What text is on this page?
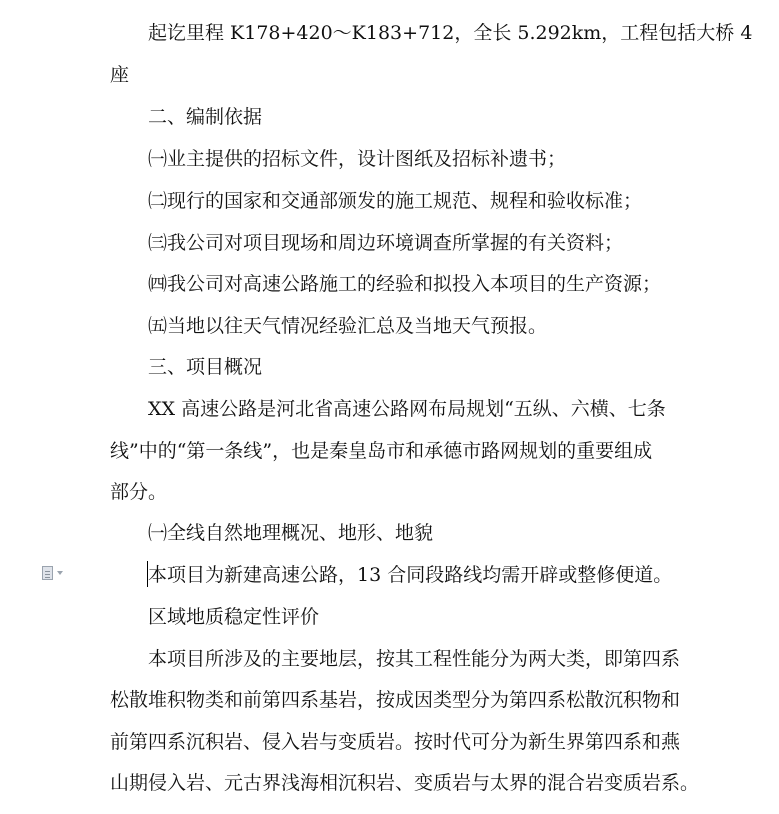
起讫里程 K178+420～K183+712，全长 5.292km，工程包括大桥 4
座
二、编制依据
㈠业主提供的招标文件，设计图纸及招标补遗书；
㈡现行的国家和交通部颁发的施工规范、规程和验收标准；
㈢我公司对项目现场和周边环境调查所掌握的有关资料；
㈣我公司对高速公路施工的经验和拟投入本项目的生产资源；
㈤当地以往天气情况经验汇总及当地天气预报。
三、项目概况
XX 高速公路是河北省高速公路网布局规划“五纵、六横、七条
线”中的“第一条线”，也是秦皇岛市和承德市路网规划的重要组成
部分。
㈠全线自然地理概况、地形、地貌
本项目为新建高速公路，13 合同段路线均需开辟或整修便道。
区域地质稳定性评价
本项目所涉及的主要地层，按其工程性能分为两大类，即第四系
松散堆积物类和前第四系基岩，按成因类型分为第四系松散沉积物和
前第四系沉积岩、侵入岩与变质岩。按时代可分为新生界第四系和燕
山期侵入岩、元古界浅海相沉积岩、变质岩与太界的混合岩变质岩系。
